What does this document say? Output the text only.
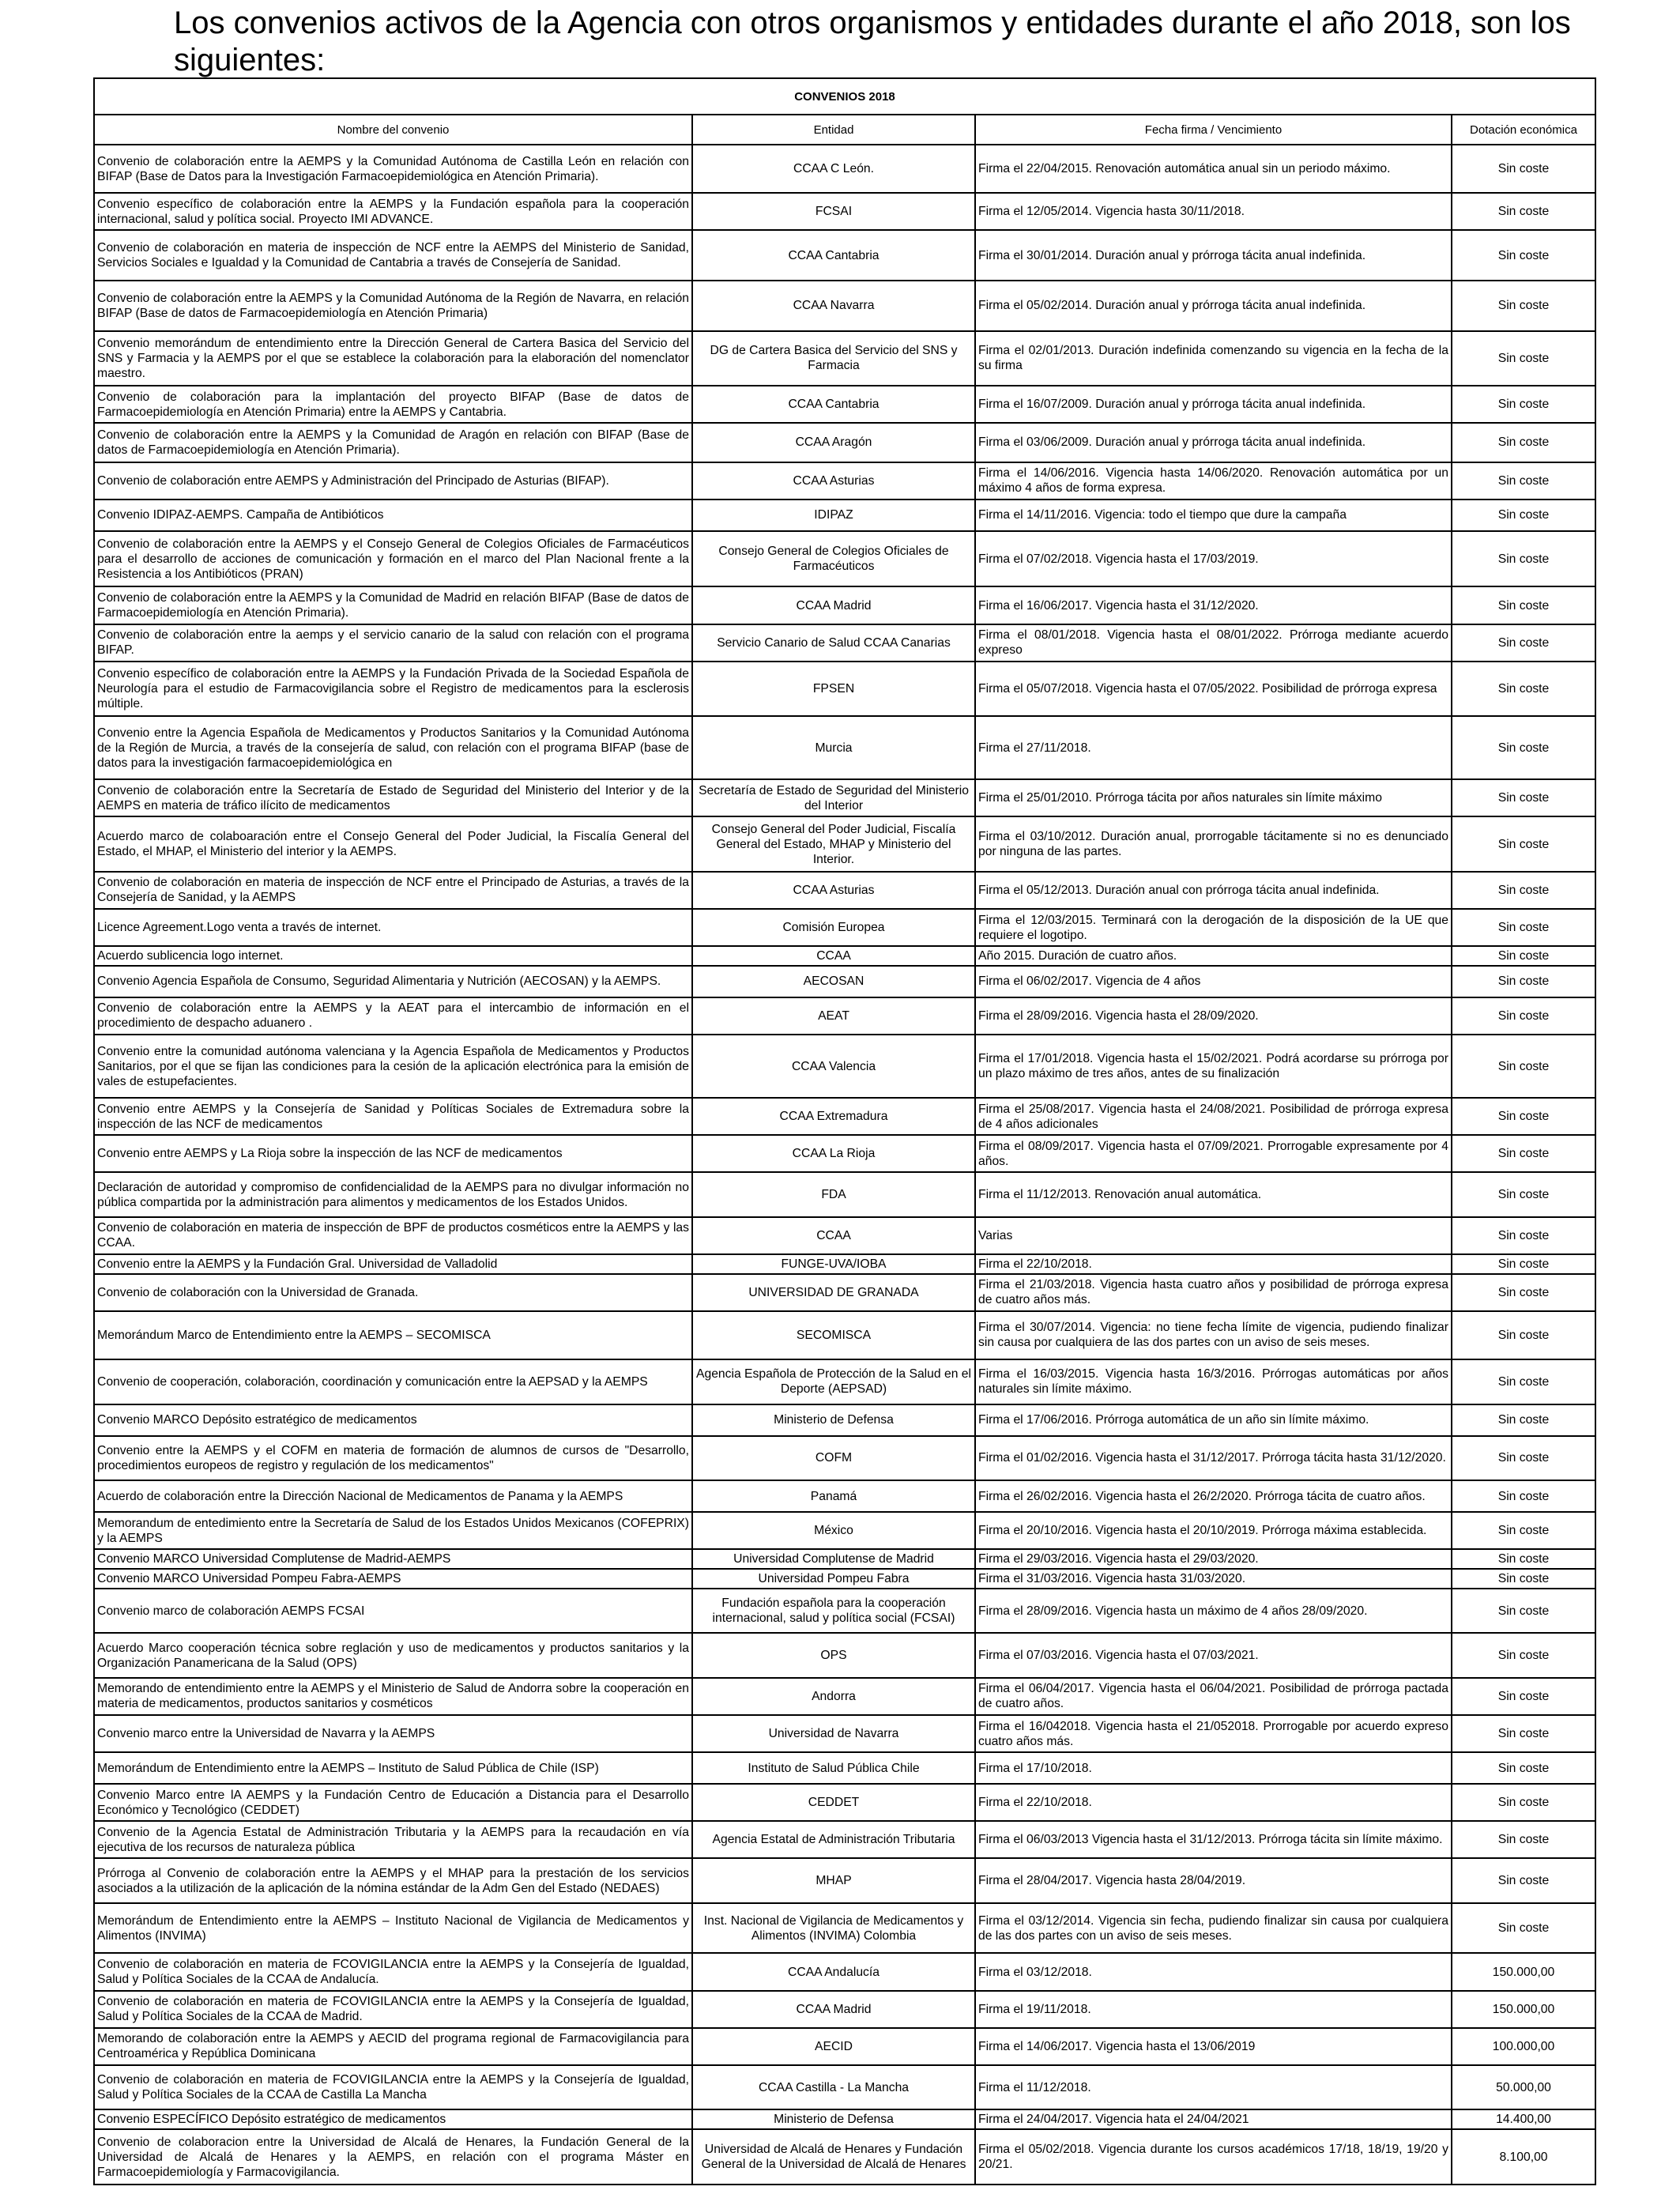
Los convenios activos de la Agencia con otros organismos y entidades durante el año 2018, son los siguientes:
CONVENIOS 2018			
Nombre del convenio	Entidad	Fecha firma / Vencimiento	Dotación económica
Convenio de colaboración entre la AEMPS y la Comunidad Autónoma de Castilla León en relación con BIFAP (Base de Datos para la Investigación Farmacoepidemiológica en Atención Primaria).	CCAA C León.	Firma el 22/04/2015. Renovación automática anual sin un periodo máximo.	Sin coste
Convenio específico de colaboración entre la AEMPS y la Fundación española para la cooperación internacional, salud y política social. Proyecto IMI ADVANCE.	FCSAI	Firma el 12/05/2014. Vigencia hasta 30/11/2018.	Sin coste
Convenio de colaboración en materia de inspección de NCF entre la AEMPS del Ministerio de Sanidad, Servicios Sociales e Igualdad y la Comunidad de Cantabria a través de Consejería de Sanidad.	CCAA Cantabria	Firma el 30/01/2014. Duración anual y prórroga tácita anual indefinida.	Sin coste
Convenio de colaboración entre la AEMPS y la Comunidad Autónoma de la Región de Navarra, en relación BIFAP (Base de datos de Farmacoepidemiología en Atención Primaria)	CCAA Navarra	Firma el 05/02/2014. Duración anual y prórroga tácita anual indefinida.	Sin coste
Convenio memorándum de entendimiento entre la Dirección General de Cartera Basica del Servicio del SNS y Farmacia y la AEMPS por el que se establece la colaboración para la elaboración del nomenclator maestro.	DG de Cartera Basica del Servicio del SNS y Farmacia	Firma el 02/01/2013. Duración indefinida comenzando su vigencia en la fecha de la su firma	Sin coste
Convenio de colaboración para la implantación del proyecto BIFAP (Base de datos de Farmacoepidemiología en Atención Primaria) entre la AEMPS y Cantabria.	CCAA Cantabria	Firma el 16/07/2009. Duración anual y prórroga tácita anual indefinida.	Sin coste
Convenio de colaboración entre la AEMPS y la Comunidad de Aragón en relación con BIFAP (Base de datos de Farmacoepidemiología en Atención Primaria).	CCAA Aragón	Firma el 03/06/2009. Duración anual y prórroga tácita anual indefinida.	Sin coste
Convenio de colaboración entre AEMPS y Administración del Principado de Asturias (BIFAP).	CCAA Asturias	Firma el 14/06/2016. Vigencia hasta 14/06/2020. Renovación automática por un máximo 4 años de forma expresa.	Sin coste
Convenio IDIPAZ-AEMPS. Campaña de Antibióticos	IDIPAZ	Firma el 14/11/2016. Vigencia: todo el tiempo que dure la campaña	Sin coste
Convenio de colaboración entre la AEMPS y el Consejo General de Colegios Oficiales de Farmacéuticos para el desarrollo de acciones de comunicación y formación en el marco del Plan Nacional frente a la Resistencia a los Antibióticos (PRAN)	Consejo General de Colegios Oficiales de Farmacéuticos	Firma el 07/02/2018. Vigencia hasta el 17/03/2019.	Sin coste
Convenio de colaboración entre la AEMPS y la Comunidad de Madrid en relación BIFAP (Base de datos de Farmacoepidemiología en Atención Primaria).	CCAA Madrid	Firma el 16/06/2017. Vigencia hasta el 31/12/2020.	Sin coste
Convenio de colaboración entre la aemps y el servicio canario de la salud con relación con el programa BIFAP.	Servicio Canario de Salud CCAA Canarias	Firma el 08/01/2018. Vigencia hasta el 08/01/2022. Prórroga mediante acuerdo expreso	Sin coste
Convenio específico de colaboración entre la AEMPS y la Fundación Privada de la Sociedad Española de Neurología para el estudio de Farmacovigilancia sobre el Registro de medicamentos para la esclerosis múltiple.	FPSEN	Firma el 05/07/2018. Vigencia hasta el 07/05/2022. Posibilidad de prórroga expresa	Sin coste
Convenio entre la Agencia Española de Medicamentos y Productos Sanitarios y la Comunidad Autónoma de la Región de Murcia, a través de la consejería de salud, con relación con el programa BIFAP (base de datos para la investigación farmacoepidemiológica en	Murcia	Firma el 27/11/2018.	Sin coste
Convenio de colaboración entre la Secretaría de Estado de Seguridad del Ministerio del Interior y de la AEMPS en materia de tráfico ilícito de medicamentos	Secretaría de Estado de Seguridad del Ministerio del Interior	Firma el 25/01/2010. Prórroga tácita por años naturales sin límite máximo	Sin coste
Acuerdo marco de colaboaración entre el Consejo General del Poder Judicial, la Fiscalía General del Estado, el MHAP, el Ministerio del interior y la AEMPS.	Consejo General del Poder Judicial, Fiscalía General del Estado, MHAP y Ministerio del Interior.	Firma el 03/10/2012. Duración anual, prorrogable tácitamente si no es denunciado por ninguna de las partes.	Sin coste
Convenio de colaboración en materia de inspección de NCF entre el Principado de Asturias, a través de la Consejería de Sanidad, y la AEMPS	CCAA Asturias	Firma el 05/12/2013. Duración anual con prórroga tácita anual indefinida.	Sin coste
Licence Agreement.Logo venta a través de internet.	Comisión Europea	Firma el 12/03/2015. Terminará con la derogación de la disposición de la UE que requiere el logotipo.	Sin coste
Acuerdo sublicencia logo internet.	CCAA	Año 2015. Duración de cuatro años.	Sin coste
Convenio Agencia Española de Consumo, Seguridad Alimentaria y Nutrición (AECOSAN) y la AEMPS.	AECOSAN	Firma el 06/02/2017. Vigencia de 4 años	Sin coste
Convenio de colaboración entre la AEMPS y la AEAT para el intercambio de información en el procedimiento de despacho aduanero .	AEAT	Firma el 28/09/2016. Vigencia hasta el 28/09/2020.	Sin coste
Convenio entre la comunidad autónoma valenciana y la Agencia Española de Medicamentos y Productos Sanitarios, por el que se fijan las condiciones para la cesión de la aplicación electrónica para la emisión de vales de estupefacientes.	CCAA Valencia	Firma el 17/01/2018. Vigencia hasta el 15/02/2021. Podrá acordarse su prórroga por un plazo máximo de tres años, antes de su finalización	Sin coste
Convenio entre AEMPS y la Consejería de Sanidad y Políticas Sociales de Extremadura sobre la inspección de las NCF de medicamentos	CCAA Extremadura	Firma el 25/08/2017. Vigencia hasta el 24/08/2021. Posibilidad de prórroga expresa de 4 años adicionales	Sin coste
Convenio entre AEMPS y La Rioja sobre la inspección de las NCF de medicamentos	CCAA La Rioja	Firma el 08/09/2017. Vigencia hasta el 07/09/2021. Prorrogable expresamente por 4 años.	Sin coste
Declaración de autoridad y compromiso de confidencialidad de la AEMPS para no divulgar información no pública compartida por la administración para alimentos y medicamentos de los Estados Unidos.	FDA	Firma el 11/12/2013. Renovación anual automática.	Sin coste
Convenio de colaboración en materia de inspección de BPF de productos cosméticos entre la AEMPS y las CCAA.	CCAA	Varias	Sin coste
Convenio entre la AEMPS y la Fundación Gral. Universidad de Valladolid	FUNGE-UVA/IOBA	Firma el 22/10/2018.	Sin coste
Convenio de colaboración con la Universidad de Granada.	UNIVERSIDAD DE GRANADA	Firma el 21/03/2018. Vigencia hasta cuatro años y posibilidad de prórroga expresa de cuatro años más.	Sin coste
Memorándum Marco de Entendimiento entre la AEMPS – SECOMISCA	SECOMISCA	Firma el 30/07/2014. Vigencia: no tiene fecha límite de vigencia, pudiendo finalizar sin causa por cualquiera de las dos partes con un aviso de seis meses.	Sin coste
Convenio de cooperación, colaboración, coordinación y comunicación entre la AEPSAD y la AEMPS	Agencia Española de Protección de la Salud en el Deporte (AEPSAD)	Firma el 16/03/2015. Vigencia hasta 16/3/2016. Prórrogas automáticas por años naturales sin límite máximo.	Sin coste
Convenio MARCO Depósito estratégico de medicamentos	Ministerio de Defensa	Firma el 17/06/2016. Prórroga automática de un año sin límite máximo.	Sin coste
Convenio entre la AEMPS y el COFM en materia de formación de alumnos de cursos de "Desarrollo, procedimientos europeos de registro y regulación de los medicamentos"	COFM	Firma el 01/02/2016. Vigencia hasta el 31/12/2017. Prórroga tácita hasta 31/12/2020.	Sin coste
Acuerdo de colaboración entre la Dirección Nacional de Medicamentos de Panama y la AEMPS	Panamá	Firma el 26/02/2016. Vigencia hasta el 26/2/2020. Prórroga tácita de cuatro años.	Sin coste
Memorandum de entedimiento entre la Secretaría de Salud de los Estados Unidos Mexicanos (COFEPRIX) y la AEMPS	México	Firma el 20/10/2016. Vigencia hasta el 20/10/2019. Prórroga máxima establecida.	Sin coste
Convenio MARCO Universidad Complutense de Madrid-AEMPS	Universidad Complutense de Madrid	Firma el 29/03/2016. Vigencia hasta el 29/03/2020.	Sin coste
Convenio MARCO Universidad Pompeu Fabra-AEMPS	Universidad Pompeu Fabra	Firma el 31/03/2016. Vigencia hasta 31/03/2020.	Sin coste
Convenio marco de colaboración AEMPS FCSAI	Fundación española para la cooperación internacional, salud y política social (FCSAI)	Firma el 28/09/2016. Vigencia hasta un máximo de 4 años 28/09/2020.	Sin coste
Acuerdo Marco cooperación técnica sobre reglación y uso de medicamentos y productos sanitarios y la Organización Panamericana de la Salud (OPS)	OPS	Firma el 07/03/2016. Vigencia hasta el 07/03/2021.	Sin coste
Memorando de entendimiento entre la AEMPS y el Ministerio de Salud de Andorra sobre la cooperación en materia de medicamentos, productos sanitarios y cosméticos	Andorra	Firma el 06/04/2017. Vigencia hasta el 06/04/2021. Posibilidad de prórroga pactada de cuatro años.	Sin coste
Convenio marco entre la Universidad de Navarra y la AEMPS	Universidad de Navarra	Firma el 16/042018. Vigencia hasta el 21/052018. Prorrogable por acuerdo expreso cuatro años más.	Sin coste
Memorándum de Entendimiento entre la AEMPS – Instituto de Salud Pública de Chile (ISP)	Instituto de Salud Pública Chile	Firma el 17/10/2018.	Sin coste
Convenio Marco entre lA AEMPS y la Fundación Centro de Educación a Distancia para el Desarrollo Económico y Tecnológico (CEDDET)	CEDDET	Firma el 22/10/2018.	Sin coste
Convenio de la Agencia Estatal de Administración Tributaria y la AEMPS para la recaudación en vía ejecutiva de los recursos de naturaleza pública	Agencia Estatal de Administración Tributaria	Firma el 06/03/2013 Vigencia hasta el 31/12/2013. Prórroga tácita sin límite máximo.	Sin coste
Prórroga al Convenio de colaboración entre la AEMPS y el MHAP para la prestación de los servicios asociados a la utilización de la aplicación de la nómina estándar de la Adm Gen del Estado (NEDAES)	MHAP	Firma el 28/04/2017. Vigencia hasta 28/04/2019.	Sin coste
Memorándum de Entendimiento entre la AEMPS – Instituto Nacional de Vigilancia de Medicamentos y Alimentos (INVIMA)	Inst. Nacional de Vigilancia de Medicamentos y Alimentos (INVIMA) Colombia	Firma el 03/12/2014. Vigencia sin fecha, pudiendo finalizar sin causa por cualquiera de las dos partes con un aviso de seis meses.	Sin coste
Convenio de colaboración en materia de FCOVIGILANCIA entre la AEMPS y la Consejería de Igualdad, Salud y Política Sociales de la CCAA de Andalucía.	CCAA Andalucía	Firma el 03/12/2018.	150.000,00
Convenio de colaboración en materia de FCOVIGILANCIA entre la AEMPS y la Consejería de Igualdad, Salud y Política Sociales de la CCAA de Madrid.	CCAA Madrid	Firma el 19/11/2018.	150.000,00
Memorando de colaboración entre la AEMPS y AECID del programa regional de Farmacovigilancia para Centroamérica y República Dominicana	AECID	Firma el 14/06/2017. Vigencia hasta el 13/06/2019	100.000,00
Convenio de colaboración en materia de FCOVIGILANCIA entre la AEMPS y la Consejería de Igualdad, Salud y Política Sociales de la CCAA de Castilla La Mancha	CCAA Castilla - La Mancha	Firma el 11/12/2018.	50.000,00
Convenio ESPECÍFICO Depósito estratégico de medicamentos	Ministerio de Defensa	Firma el 24/04/2017. Vigencia hata el 24/04/2021	14.400,00
Convenio de colaboracion entre la Universidad de Alcalá de Henares, la Fundación General de la Universidad de Alcalá de Henares y la AEMPS, en relación con el programa Máster en Farmacoepidemiología y Farmacovigilancia.	Universidad de Alcalá de Henares y Fundación General de la Universidad de Alcalá de Henares	Firma el 05/02/2018. Vigencia durante los cursos académicos 17/18, 18/19, 19/20 y 20/21.	8.100,00
